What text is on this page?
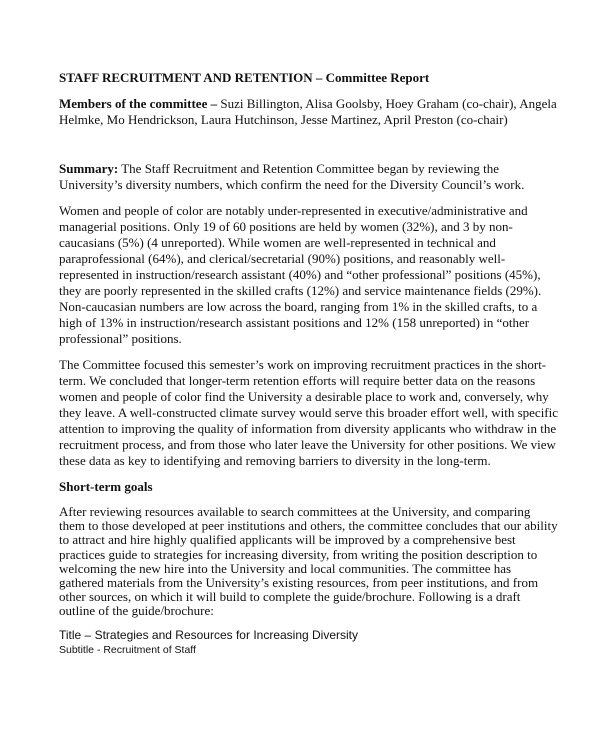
STAFF RECRUITMENT AND RETENTION – Committee Report

Members of the committee – Suzi Billington, Alisa Goolsby, Hoey Graham (co-chair), Angela Helmke, Mo Hendrickson, Laura Hutchinson, Jesse Martinez, April Preston (co-chair)

Summary: The Staff Recruitment and Retention Committee began by reviewing the University’s diversity numbers, which confirm the need for the Diversity Council’s work.

Women and people of color are notably under-represented in executive/administrative and managerial positions. Only 19 of 60 positions are held by women (32%), and 3 by non-caucasians (5%) (4 unreported). While women are well-represented in technical and paraprofessional (64%), and clerical/secretarial (90%) positions, and reasonably well-represented in instruction/research assistant (40%) and “other professional” positions (45%), they are poorly represented in the skilled crafts (12%) and service maintenance fields (29%). Non-caucasian numbers are low across the board, ranging from 1% in the skilled crafts, to a high of 13% in instruction/research assistant positions and 12% (158 unreported) in “other professional” positions.

The Committee focused this semester’s work on improving recruitment practices in the short-term. We concluded that longer-term retention efforts will require better data on the reasons women and people of color find the University a desirable place to work and, conversely, why they leave. A well-constructed climate survey would serve this broader effort well, with specific attention to improving the quality of information from diversity applicants who withdraw in the recruitment process, and from those who later leave the University for other positions. We view these data as key to identifying and removing barriers to diversity in the long-term.

Short-term goals

After reviewing resources available to search committees at the University, and comparing them to those developed at peer institutions and others, the committee concludes that our ability to attract and hire highly qualified applicants will be improved by a comprehensive best practices guide to strategies for increasing diversity, from writing the position description to welcoming the new hire into the University and local communities. The committee has gathered materials from the University’s existing resources, from peer institutions, and from other sources, on which it will build to complete the guide/brochure. Following is a draft outline of the guide/brochure:

Title – Strategies and Resources for Increasing Diversity

Subtitle - Recruitment of Staff
